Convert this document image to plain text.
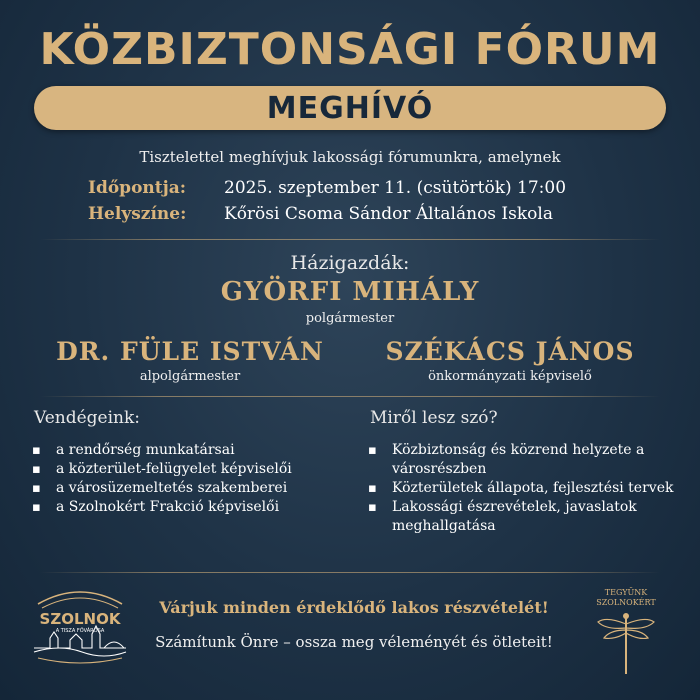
KÖZBIZTONSÁGI FÓRUM
MEGHÍVÓ
Tisztelettel meghívjuk lakossági fórumunkra, amelynek
Időpontja: 2025. szeptember 11. (csütörtök) 17:00
Helyszíne: Kőrösi Csoma Sándor Általános Iskola
Házigazdák:
GYÖRFI MIHÁLY
polgármester
DR. FÜLE ISTVÁN
alpolgármester
SZÉKÁCS JÁNOS
önkormányzati képviselő
Vendégeink:
▪ a rendőrség munkatársai
▪ a közterület-felügyelet képviselői
▪ a városüzemeltetés szakemberei
▪ a Szolnokért Frakció képviselői
Miről lesz szó?
▪ Közbiztonság és közrend helyzete a városrészben
▪ Közterületek állapota, fejlesztési tervek
▪ Lakossági észrevételek, javaslatok meghallgatása
SZOLNOK
A TISZA FŐVÁROSA
Várjuk minden érdeklődő lakos részvételét!
Számítunk Önre – ossza meg véleményét és ötleteit!
TEGYÜNK
SZOLNOKÉRT
